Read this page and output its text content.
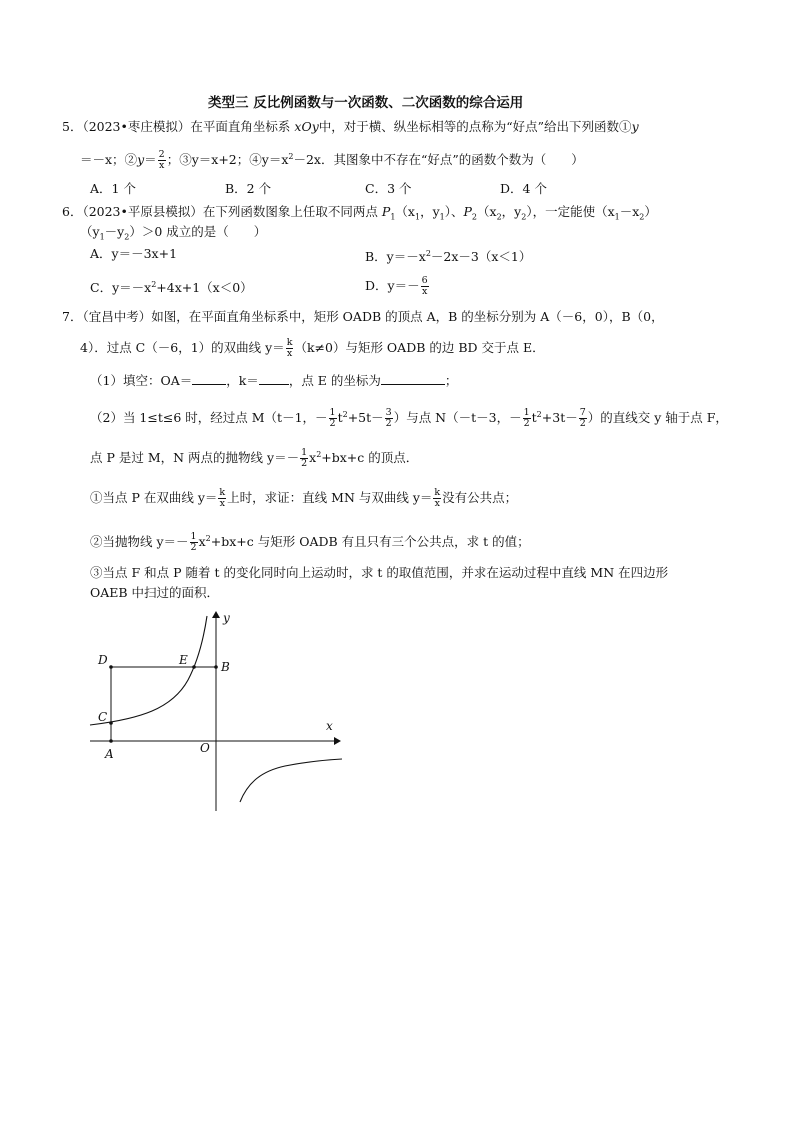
类型三 反比例函数与一次函数、二次函数的综合运用
5．（2023•枣庄模拟）在平面直角坐标系 xOy中，对于横、纵坐标相等的点称为“好点”给出下列函数①y
＝－x；②y＝ $\frac{2}{x}$ ；③y＝x+2；$④y=x^2-2x$．其图象中不存在“好点”的函数个数为（　　）
A．1 个	B．2 个	C．3 个	D．4 个
6．（2023•平原县模拟）在下列函数图象上任取不同两点 $P_1(x_1$，$y_1$）、$P_2(x_2$，$y_2$），一定能使$(x_1-x_2)$
$(y_1-y_2)>0$ 成立的是（　　）
A．y＝－3x+1	B．$y=-x^2-2x-3(x<1)$
C．$y=-x^2+4x+1(x<0)$	D．$y=- \frac{6}{x}$
7．（宜昌中考）如图，在平面直角坐标系中，矩形 OADB 的顶点 A，B 的坐标分别为 A（－6，0），B（0，
4）．过点 C（－6，1）的双曲线 $y= \frac{k}{x} (k\ne 0)$与矩形 OADB 的边 BD 交于点 E．
（1）填空：OA＝	，k＝ ，点 E 的坐标为	；
（2）当 1≤t≤6 时，经过点 M（t－1，－ $\frac{1}{2} t^2+5t- \frac{3}{2}$ ）与点 N（－t－3，－ $\frac{1}{2} t^2+3t- \frac{7}{2}$ ）的直线交 y 轴于点 F，
点 P 是过 M，N 两点的抛物线 $y=- \frac{1}{2} x^2+bx+c$ 的顶点．
①当点 P 在双曲线 $y= \frac{k}{x}$ 上时，求证：直线 MN 与双曲线 $y= \frac{k}{x}$ 没有公共点；
②当抛物线 $y=- \frac{1}{2} x^2+bx+c$ 与矩形 OADB 有且只有三个公共点，求 t 的值；
③当点 F 和点 P 随着 t 的变化同时向上运动时，求 t 的取值范围，并求在运动过程中直线 MN 在四边形
OAEB 中扫过的面积．
D	E	B
C
A	O
x
y
